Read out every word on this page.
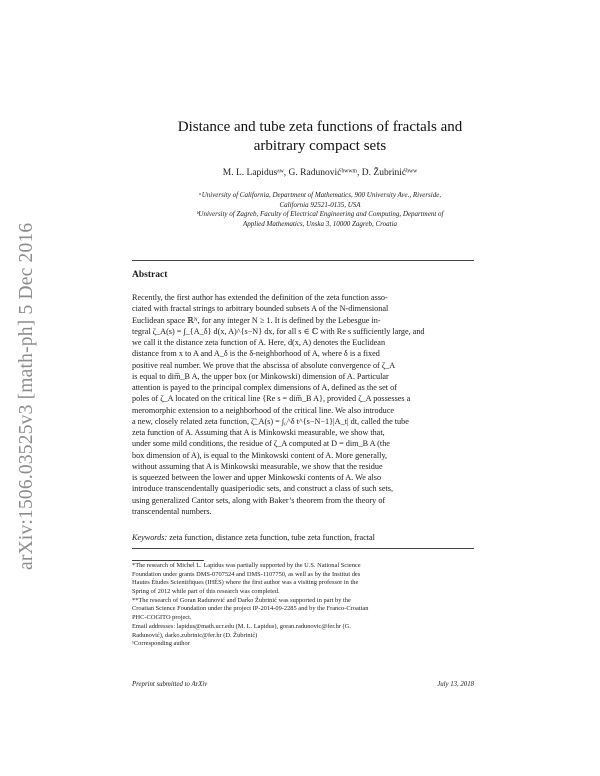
arXiv:1506.03525v3 [math-ph] 5 Dec 2016
Distance and tube zeta functions of fractals and
arbitrary compact sets
M. L. Lapidusᵃʷ, G. Radunovićᵇʷʷᵐ, D. Žubrinićᵇʷʷ
ᵃUniversity of California, Department of Mathematics, 900 University Ave., Riverside,
California 92521-0135, USA
ᵇUniversity of Zagreb, Faculty of Electrical Engineering and Computing, Department of
Applied Mathematics, Unska 3, 10000 Zagreb, Croatia
Abstract
Recently, the first author has extended the definition of the zeta function asso-
ciated with fractal strings to arbitrary bounded subsets A of the N-dimensional
Euclidean space ℝᴺ, for any integer N ≥ 1. It is defined by the Lebesgue in-
tegral ζ_A(s) = ∫_{A_δ} d(x, A)^{s−N} dx, for all s ∈ ℂ with Re s sufficiently large, and
we call it the distance zeta function of A. Here, d(x, A) denotes the Euclidean
distance from x to A and A_δ is the δ-neighborhood of A, where δ is a fixed
positive real number. We prove that the abscissa of absolute convergence of ζ_A
is equal to dim̅_B A, the upper box (or Minkowski) dimension of A. Particular
attention is payed to the principal complex dimensions of A, defined as the set of
poles of ζ_A located on the critical line {Re s = dim̅_B A}, provided ζ_A possesses a
meromorphic extension to a neighborhood of the critical line. We also introduce
a new, closely related zeta function, ζ̃_A(s) = ∫₀^δ t^{s−N−1}|A_t| dt, called the tube
zeta function of A. Assuming that A is Minkowski measurable, we show that,
under some mild conditions, the residue of ζ_A computed at D = dim_B A (the
box dimension of A), is equal to the Minkowski content of A. More generally,
without assuming that A is Minkowski measurable, we show that the residue
is squeezed between the lower and upper Minkowski contents of A. We also
introduce transcendentally quasiperiodic sets, and construct a class of such sets,
using generalized Cantor sets, along with Baker’s theorem from the theory of
transcendental numbers.
Keywords: zeta function, distance zeta function, tube zeta function, fractal
*The research of Michel L. Lapidus was partially supported by the U.S. National Science
Foundation under grants DMS-0707524 and DMS-1107750, as well as by the Institut des
Hautes Études Scientifiques (IHÉS) where the first author was a visiting professor in the
Spring of 2012 while part of this research was completed.
**The research of Goran Radunović and Darko Žubrinić was supported in part by the
Croatian Science Foundation under the project IP-2014-09-2285 and by the Franco-Croatian
PHC-COGITO project.
Email addresses: lapidus@math.ucr.edu (M. L. Lapidus), goran.radunovic@fer.hr (G.
Radunović), darko.zubrinic@fer.hr (D. Žubrinić)
¹Corresponding author
Preprint submitted to ArXiv	July 13, 2018
